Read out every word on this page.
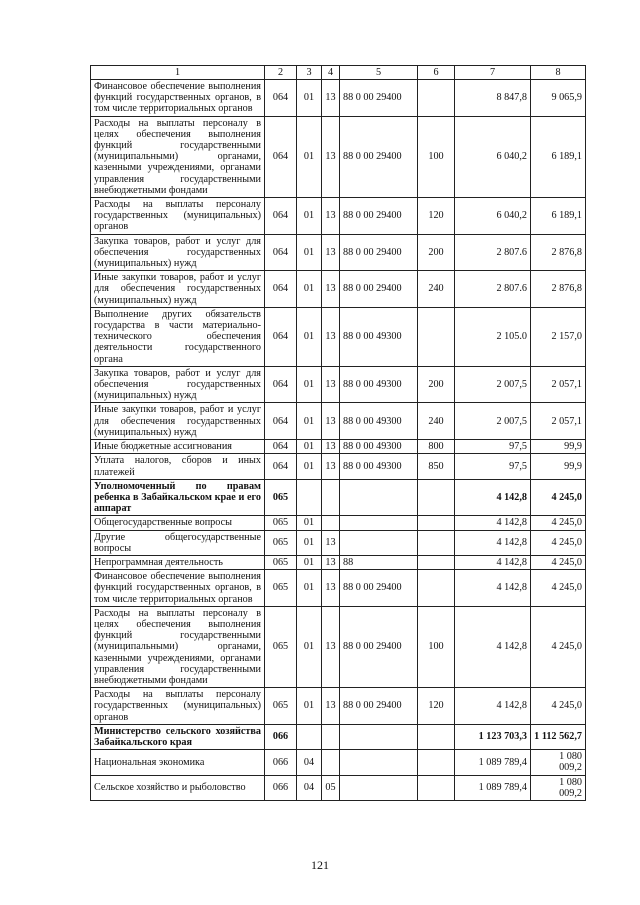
1	2	3	4	5	6	7	8
Финансовое обеспечение выполнения функций государственных органов, в том числе территориальных органов	064	01	13	88 0 00 29400		8 847,8	9 065,9
Расходы на выплаты персоналу в целях обеспечения выполнения функций государственными (муниципальными) органами, казенными учреждениями, органами управления государственными внебюджетными фондами	064	01	13	88 0 00 29400	100	6 040,2	6 189,1
Расходы на выплаты персоналу государственных (муниципальных) органов	064	01	13	88 0 00 29400	120	6 040,2	6 189,1
Закупка товаров, работ и услуг для обеспечения государственных (муниципальных) нужд	064	01	13	88 0 00 29400	200	2 807.6	2 876,8
Иные закупки товаров, работ и услуг для обеспечения государственных (муниципальных) нужд	064	01	13	88 0 00 29400	240	2 807.6	2 876,8
Выполнение других обязательств государства в части материально-технического обеспечения деятельности государственного органа	064	01	13	88 0 00 49300		2 105.0	2 157,0
Закупка товаров, работ и услуг для обеспечения государственных (муниципальных) нужд	064	01	13	88 0 00 49300	200	2 007,5	2 057,1
Иные закупки товаров, работ и услуг для обеспечения государственных (муниципальных) нужд	064	01	13	88 0 00 49300	240	2 007,5	2 057,1
Иные бюджетные ассигнования	064	01	13	88 0 00 49300	800	97,5	99,9
Уплата налогов, сборов и иных платежей	064	01	13	88 0 00 49300	850	97,5	99,9
Уполномоченный по правам ребенка в Забайкальском крае и его аппарат	065					4 142,8	4 245,0
Общегосударственные вопросы	065	01				4 142,8	4 245,0
Другие общегосударственные вопросы	065	01	13			4 142,8	4 245,0
Непрограммная деятельность	065	01	13	88		4 142,8	4 245,0
Финансовое обеспечение выполнения функций государственных органов, в том числе территориальных органов	065	01	13	88 0 00 29400		4 142,8	4 245,0
Расходы на выплаты персоналу в целях обеспечения выполнения функций государственными (муниципальными) органами, казенными учреждениями, органами управления государственными внебюджетными фондами	065	01	13	88 0 00 29400	100	4 142,8	4 245,0
Расходы на выплаты персоналу государственных (муниципальных) органов	065	01	13	88 0 00 29400	120	4 142,8	4 245,0
Министерство сельского хозяйства Забайкальского края	066					1 123 703,3	1 112 562,7
Национальная экономика	066	04				1 089 789,4	1 080 009,2
Сельское хозяйство и рыболовство	066	04	05			1 089 789,4	1 080 009,2
121
